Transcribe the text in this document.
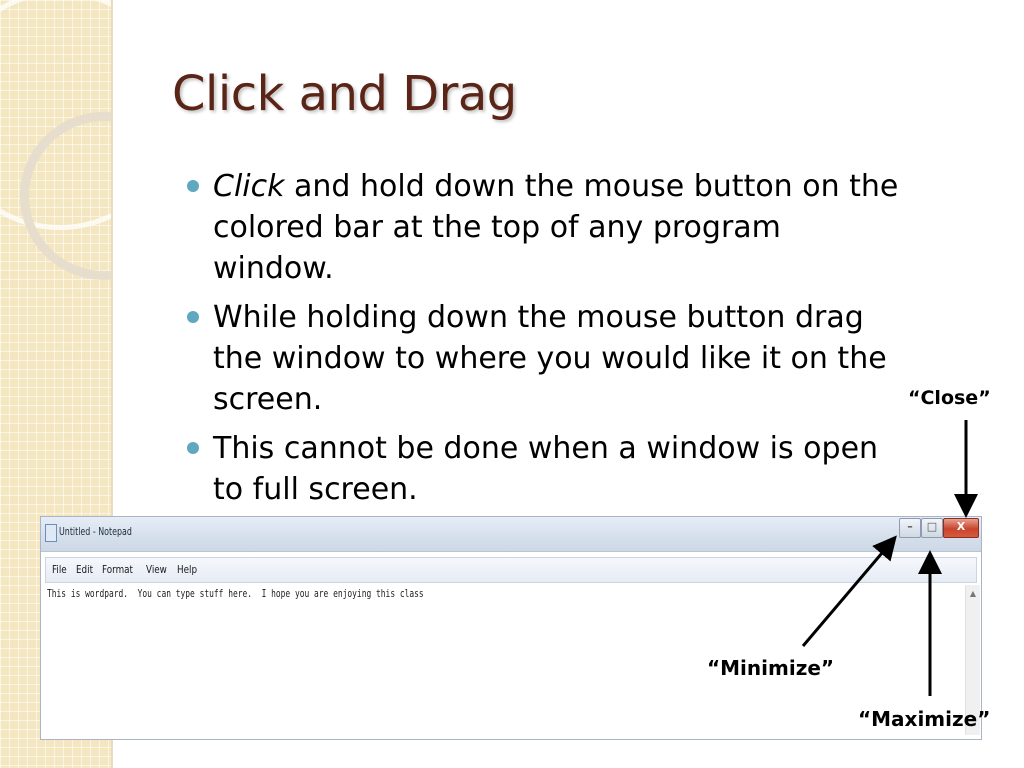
Click and Drag
Click and hold down the mouse button on the colored bar at the top of any program window.
While holding down the mouse button drag the window to where you would like it on the screen.
This cannot be done when a window is open to full screen.
Untitled - Notepad	–	□	X
File Edit Format View Help
This is wordpard.  You can type stuff here.  I hope you are enjoying this class	▲
“Close”
“Minimize”
“Maximize”
